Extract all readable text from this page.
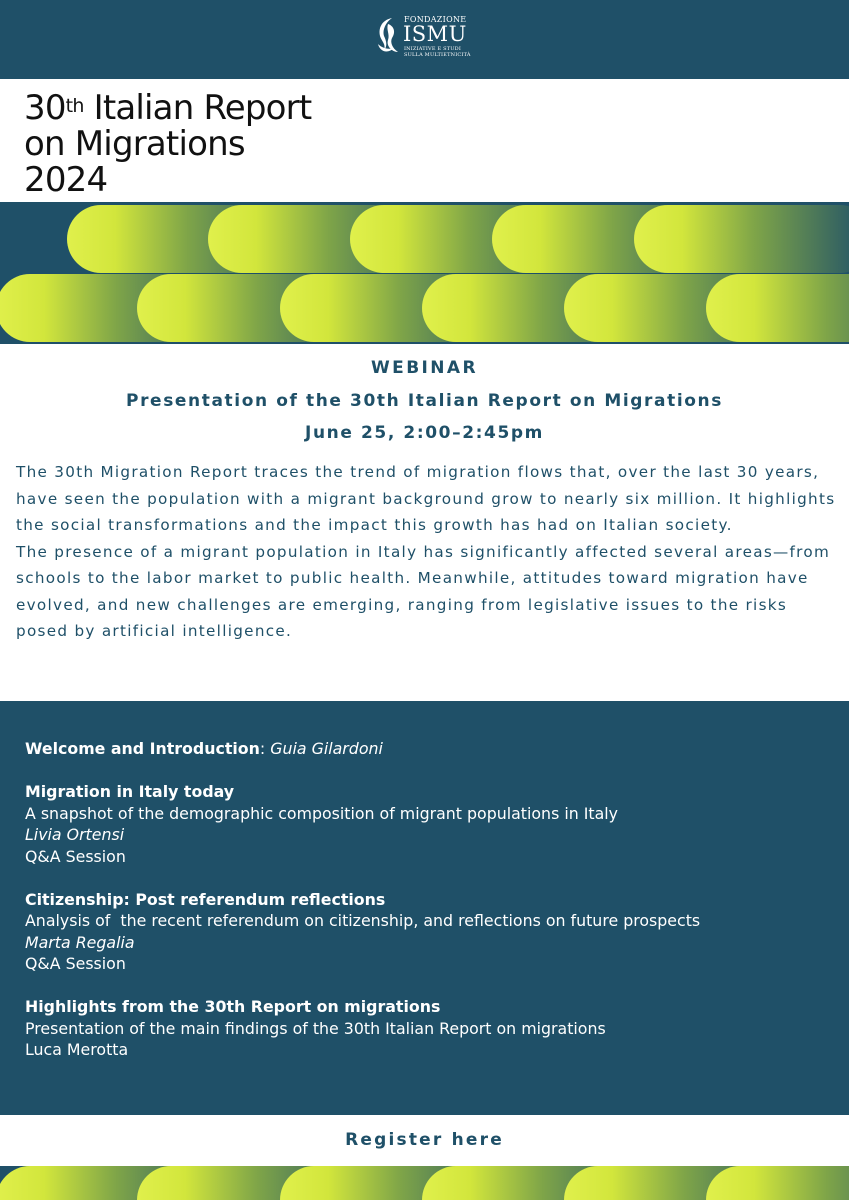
FONDAZIONE
ISMU
INIZIATIVE E STUDI
SULLA MULTIETNICITÀ
30th Italian Report
on Migrations
2024
WEBINAR
Presentation of the 30th Italian Report on Migrations
June 25, 2:00–2:45pm

The 30th Migration Report traces the trend of migration flows that, over the last 30 years, have seen the population with a migrant background grow to nearly six million. It highlights the social transformations and the impact this growth has had on Italian society.

The presence of a migrant population in Italy has significantly affected several areas—from schools to the labor market to public health. Meanwhile, attitudes toward migration have evolved, and new challenges are emerging, ranging from legislative issues to the risks posed by artificial intelligence.

Welcome and Introduction: Guia Gilardoni
Migration in Italy today
A snapshot of the demographic composition of migrant populations in Italy
Livia Ortensi
Q&A Session
Citizenship: Post referendum reflections
Analysis of  the recent referendum on citizenship, and reflections on future prospects
Marta Regalia
Q&A Session
Highlights from the 30th Report on migrations
Presentation of the main findings of the 30th Italian Report on migrations
Luca Merotta
Register here
